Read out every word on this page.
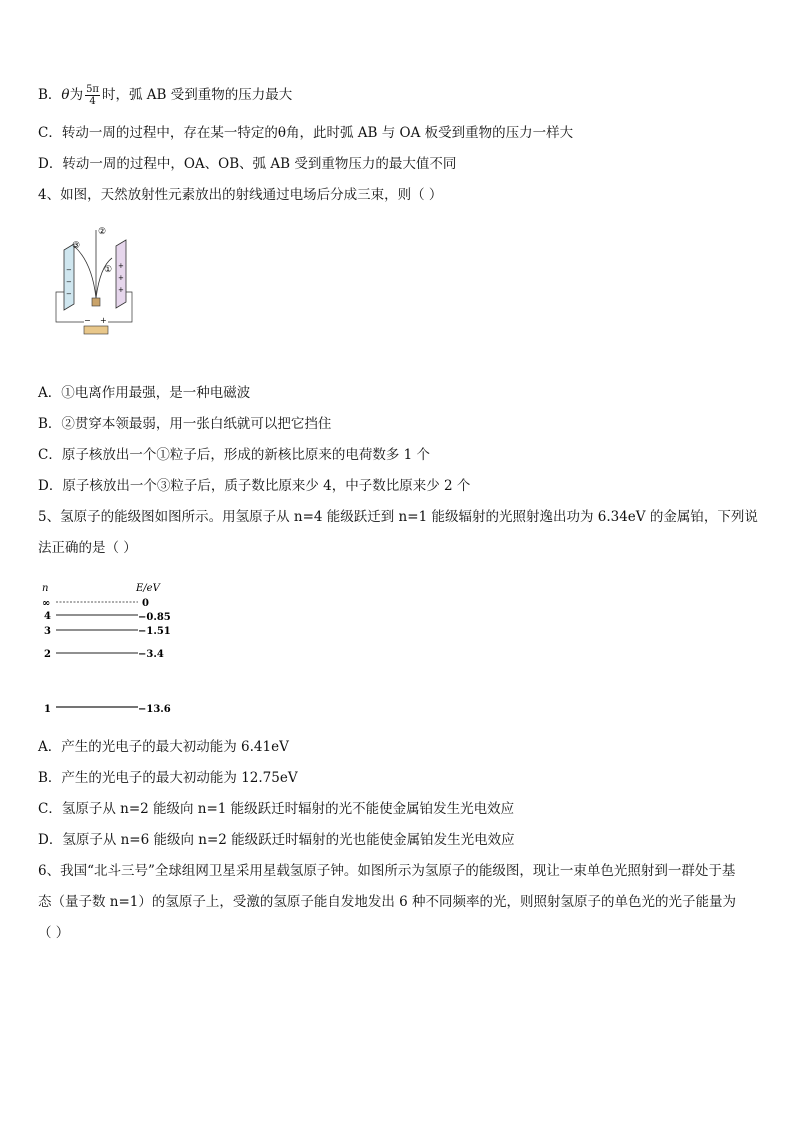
B．θ为 $\frac{5\pi}{4}$ 时，弧 AB 受到重物的压力最大
C．转动一周的过程中，存在某一特定的θ角，此时弧 AB 与 OA 板受到重物的压力一样大
D．转动一周的过程中，OA、OB、弧 AB 受到重物压力的最大值不同
4、如图，天然放射性元素放出的射线通过电场后分成三束，则（ ）
−
−
−
+
+
+
③
②
①
− +
A．①电离作用最强，是一种电磁波
B．②贯穿本领最弱，用一张白纸就可以把它挡住
C．原子核放出一个①粒子后，形成的新核比原来的电荷数多 1 个
D．原子核放出一个③粒子后，质子数比原来少 4，中子数比原来少 2 个
5、氢原子的能级图如图所示。用氢原子从 n=4 能级跃迁到 n=1 能级辐射的光照射逸出功为 6.34eV 的金属铂，下列说
法正确的是（ ）
n	E/eV
∞	0
4	−0.85
3	−1.51
2	−3.4
1	−13.6
A．产生的光电子的最大初动能为 6.41eV
B．产生的光电子的最大初动能为 12.75eV
C．氢原子从 n=2 能级向 n=1 能级跃迁时辐射的光不能使金属铂发生光电效应
D．氢原子从 n=6 能级向 n=2 能级跃迁时辐射的光也能使金属铂发生光电效应
6、我国“北斗三号”全球组网卫星采用星载氢原子钟。如图所示为氢原子的能级图，现让一束单色光照射到一群处于基
态（量子数 n=1）的氢原子上，受激的氢原子能自发地发出 6 种不同频率的光，则照射氢原子的单色光的光子能量为
（ ）
